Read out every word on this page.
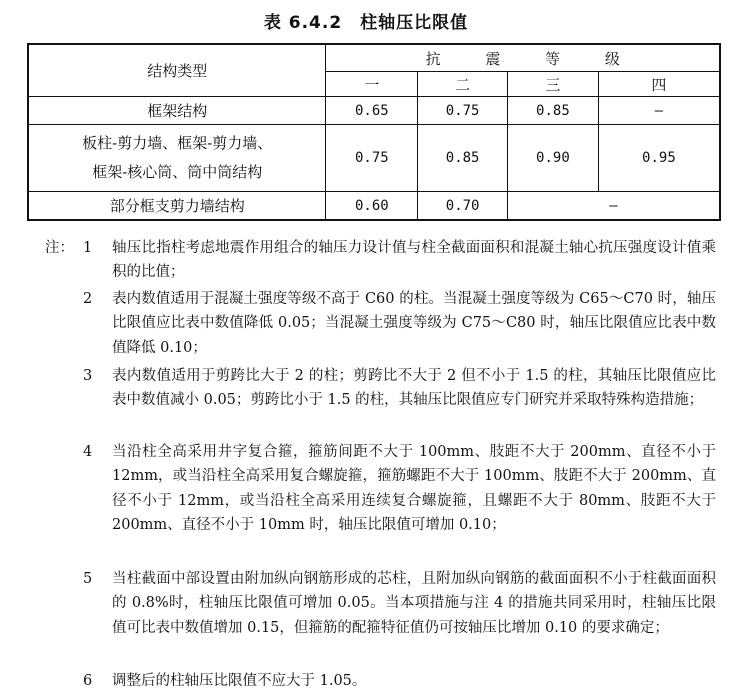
表 6.4.2　柱轴压比限值
结构类型	抗 震 等 级			
	一	二	三	四
框架结构	0.65	0.75	0.85	—

板柱-剪力墙、框架-剪力墙、
框架-核心筒、筒中筒结构	0.75	0.85	0.90	0.95
部分框支剪力墙结构	0.60	0.70	—	
注： 1 轴压比指柱考虑地震作用组合的轴压力设计值与柱全截面面积和混凝土轴心抗压强度设计值乘积的比值；
2 表内数值适用于混凝土强度等级不高于 C60 的柱。当混凝土强度等级为 C65～C70 时，轴压比限值应比表中数值降低 0.05；当混凝土强度等级为 C75～C80 时，轴压比限值应比表中数值降低 0.10；
3 表内数值适用于剪跨比大于 2 的柱；剪跨比不大于 2 但不小于 1.5 的柱，其轴压比限值应比表中数值减小 0.05；剪跨比小于 1.5 的柱，其轴压比限值应专门研究并采取特殊构造措施；
4 当沿柱全高采用井字复合箍，箍筋间距不大于 100mm、肢距不大于 200mm、直径不小于 12mm，或当沿柱全高采用复合螺旋箍，箍筋螺距不大于 100mm、肢距不大于 200mm、直径不小于 12mm，或当沿柱全高采用连续复合螺旋箍，且螺距不大于 80mm、肢距不大于 200mm、直径不小于 10mm 时，轴压比限值可增加 0.10；
5 当柱截面中部设置由附加纵向钢筋形成的芯柱，且附加纵向钢筋的截面面积不小于柱截面面积的 0.8%时，柱轴压比限值可增加 0.05。当本项措施与注 4 的措施共同采用时，柱轴压比限值可比表中数值增加 0.15，但箍筋的配箍特征值仍可按轴压比增加 0.10 的要求确定；
6 调整后的柱轴压比限值不应大于 1.05。
